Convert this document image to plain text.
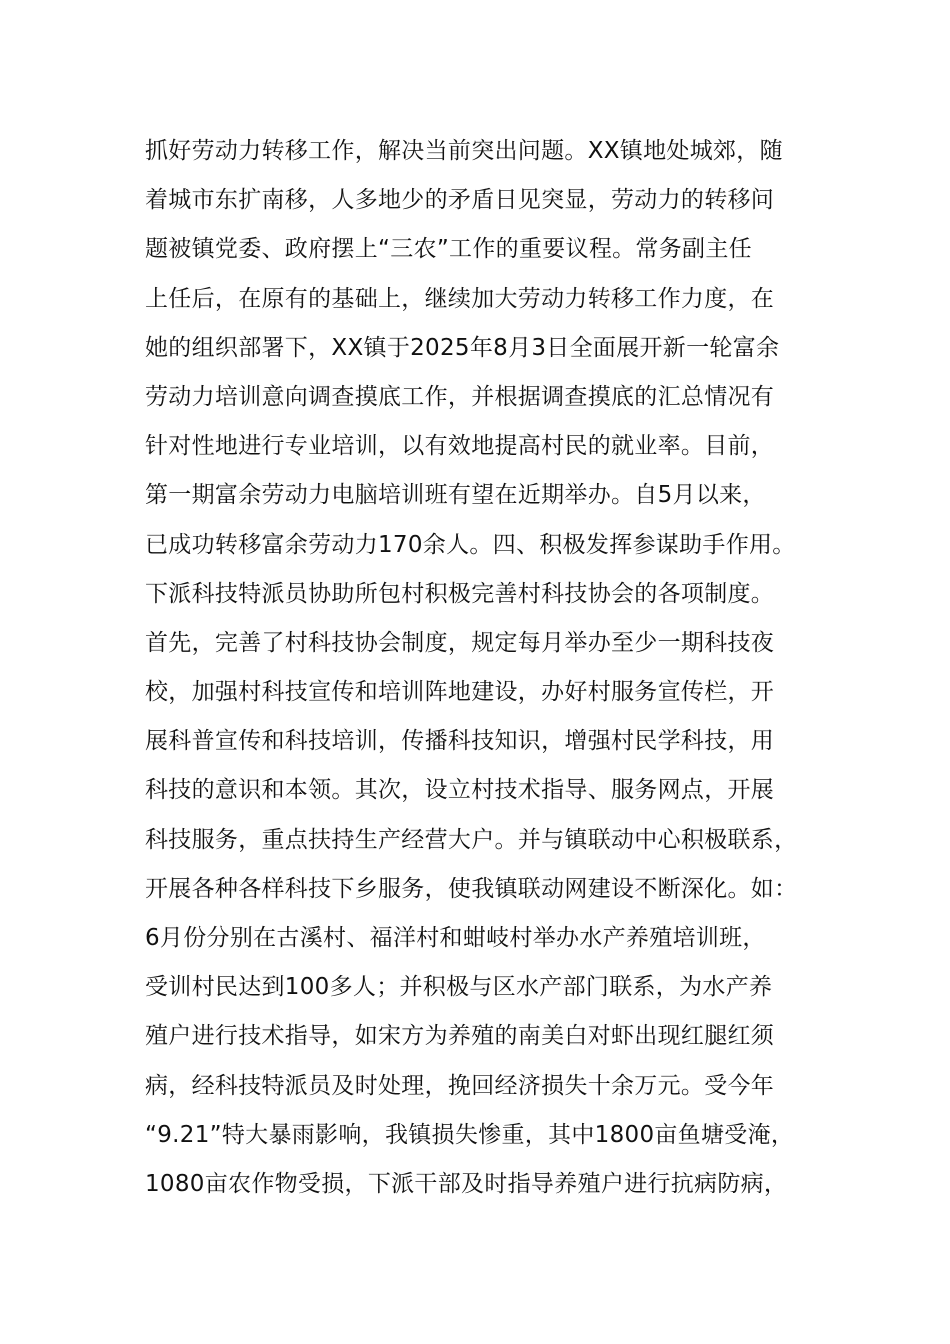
抓好劳动力转移工作，解决当前突出问题。XX镇地处城郊，随
着城市东扩南移，人多地少的矛盾日见突显，劳动力的转移问
题被镇党委、政府摆上“三农”工作的重要议程。常务副主任
上任后，在原有的基础上，继续加大劳动力转移工作力度，在
她的组织部署下，XX镇于2025年8月3日全面展开新一轮富余
劳动力培训意向调查摸底工作，并根据调查摸底的汇总情况有
针对性地进行专业培训，以有效地提高村民的就业率。目前，
第一期富余劳动力电脑培训班有望在近期举办。自5月以来，
已成功转移富余劳动力170余人。四、积极发挥参谋助手作用。
下派科技特派员协助所包村积极完善村科技协会的各项制度。
首先，完善了村科技协会制度，规定每月举办至少一期科技夜
校，加强村科技宣传和培训阵地建设，办好村服务宣传栏，开
展科普宣传和科技培训，传播科技知识，增强村民学科技，用
科技的意识和本领。其次，设立村技术指导、服务网点，开展
科技服务，重点扶持生产经营大户。并与镇联动中心积极联系，
开展各种各样科技下乡服务，使我镇联动网建设不断深化。如：
6月份分别在古溪村、福洋村和蚶岐村举办水产养殖培训班，
受训村民达到100多人；并积极与区水产部门联系，为水产养
殖户进行技术指导，如宋方为养殖的南美白对虾出现红腿红须
病，经科技特派员及时处理，挽回经济损失十余万元。受今年
“9.21”特大暴雨影响，我镇损失惨重，其中1800亩鱼塘受淹，
1080亩农作物受损，下派干部及时指导养殖户进行抗病防病，
